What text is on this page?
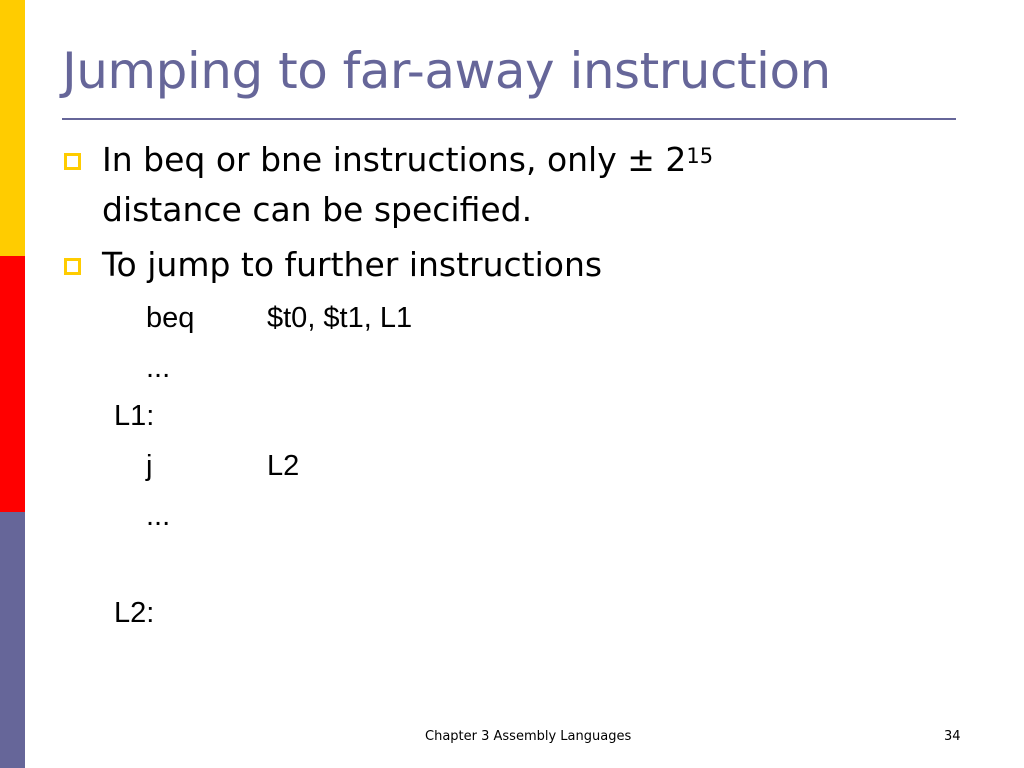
Jumping to far-away instruction
In beq or bne instructions, only ± $2^{15}$
distance can be specified.
To jump to further instructions
beq	$t0, $t1, L1
...
L1:
j	L2
...
L2:
Chapter 3 Assembly Languages	34
